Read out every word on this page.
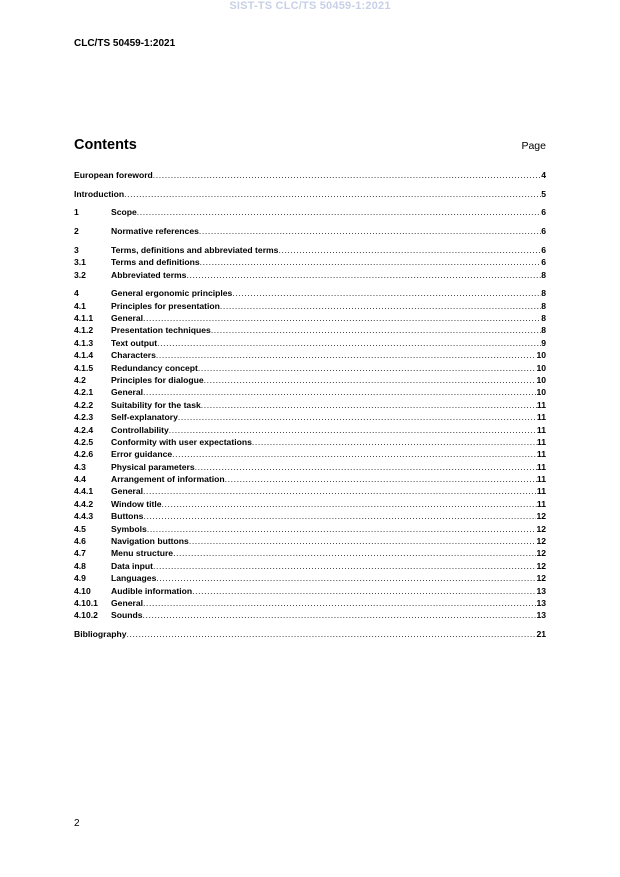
SIST-TS CLC/TS 50459-1:2021
CLC/TS 50459-1:2021
Contents	Page
European foreword .....	4
Introduction .....	5
1	Scope .....	6
2	Normative references .....	6
3	Terms, definitions and abbreviated terms .....	6
3.1	Terms and definitions .....	6
3.2	Abbreviated terms .....	8
4	General ergonomic principles .....	8
4.1	Principles for presentation .....	8
4.1.1	General .....	8
4.1.2	Presentation techniques .....	8
4.1.3	Text output .....	9
4.1.4	Characters .....	10
4.1.5	Redundancy concept .....	10
4.2	Principles for dialogue .....	10
4.2.1	General .....	10
4.2.2	Suitability for the task .....	11
4.2.3	Self-explanatory .....	11
4.2.4	Controllability .....	11
4.2.5	Conformity with user expectations .....	11
4.2.6	Error guidance .....	11
4.3	Physical parameters .....	11
4.4	Arrangement of information .....	11
4.4.1	General .....	11
4.4.2	Window title .....	11
4.4.3	Buttons .....	12
4.5	Symbols .....	12
4.6	Navigation buttons .....	12
4.7	Menu structure .....	12
4.8	Data input .....	12
4.9	Languages .....	12
4.10	Audible information .....	13
4.10.1	General .....	13
4.10.2	Sounds .....	13
Bibliography .....	21
2
